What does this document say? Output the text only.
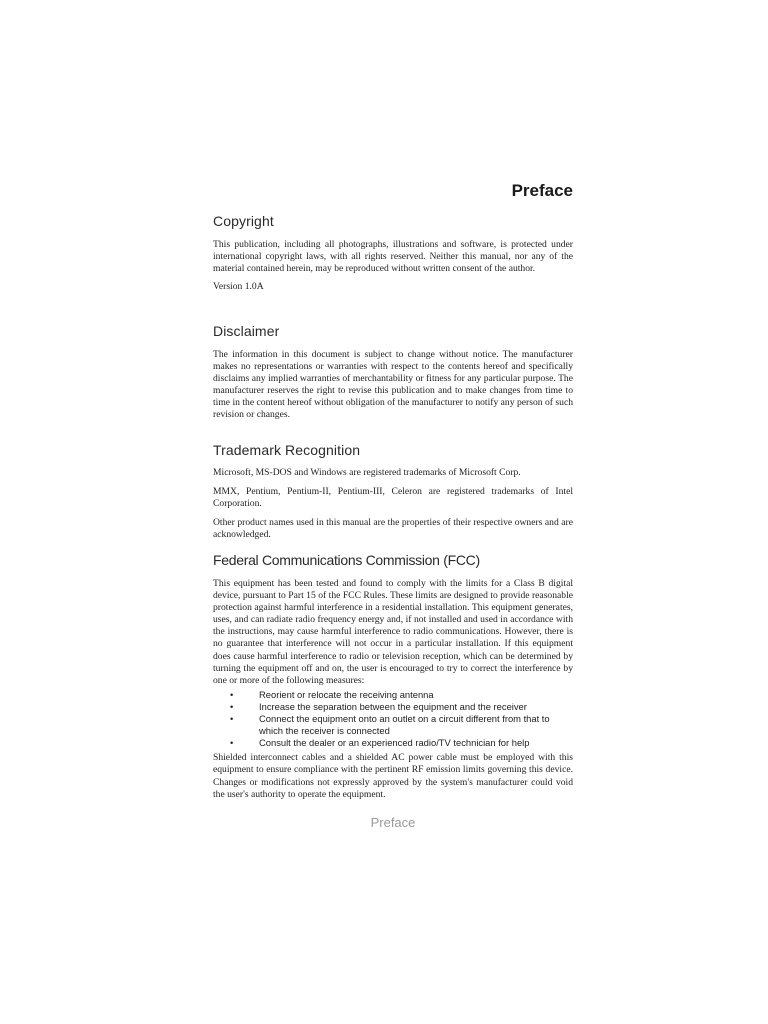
Preface
Copyright

This publication, including all photographs, illustrations and software, is protected under international copyright laws, with all rights reserved. Neither this manual, nor any of the material contained herein, may be reproduced without written consent of the author.

Version 1.0A

Disclaimer

The information in this document is subject to change without notice. The manufacturer makes no representations or warranties with respect to the contents hereof and specifically disclaims any implied warranties of merchantability or fitness for any particular purpose. The manufacturer reserves the right to revise this publication and to make changes from time to time in the content hereof without obligation of the manufacturer to notify any person of such revision or changes.

Trademark Recognition

Microsoft, MS-DOS and Windows are registered trademarks of Microsoft Corp.

MMX, Pentium, Pentium-II, Pentium-III, Celeron are registered trademarks of Intel Corporation.

Other product names used in this manual are the properties of their respective owners and are acknowledged.

Federal Communications Commission (FCC)

This equipment has been tested and found to comply with the limits for a Class B digital device, pursuant to Part 15 of the FCC Rules. These limits are designed to provide reasonable protection against harmful interference in a residential installation. This equipment generates, uses, and can radiate radio frequency energy and, if not installed and used in accordance with the instructions, may cause harmful interference to radio communications. However, there is no guarantee that interference will not occur in a particular installation. If this equipment does cause harmful interference to radio or television reception, which can be determined by turning the equipment off and on, the user is encouraged to try to correct the interference by one or more of the following measures:

•	Reorient or relocate the receiving antenna
•	Increase the separation between the equipment and the receiver
•	Connect the equipment onto an outlet on a circuit different from that to which the receiver is connected
•	Consult the dealer or an experienced radio/TV technician for help

Shielded interconnect cables and a shielded AC power cable must be employed with this equipment to ensure compliance with the pertinent RF emission limits governing this device. Changes or modifications not expressly approved by the system's manufacturer could void the user's authority to operate the equipment.

Preface
